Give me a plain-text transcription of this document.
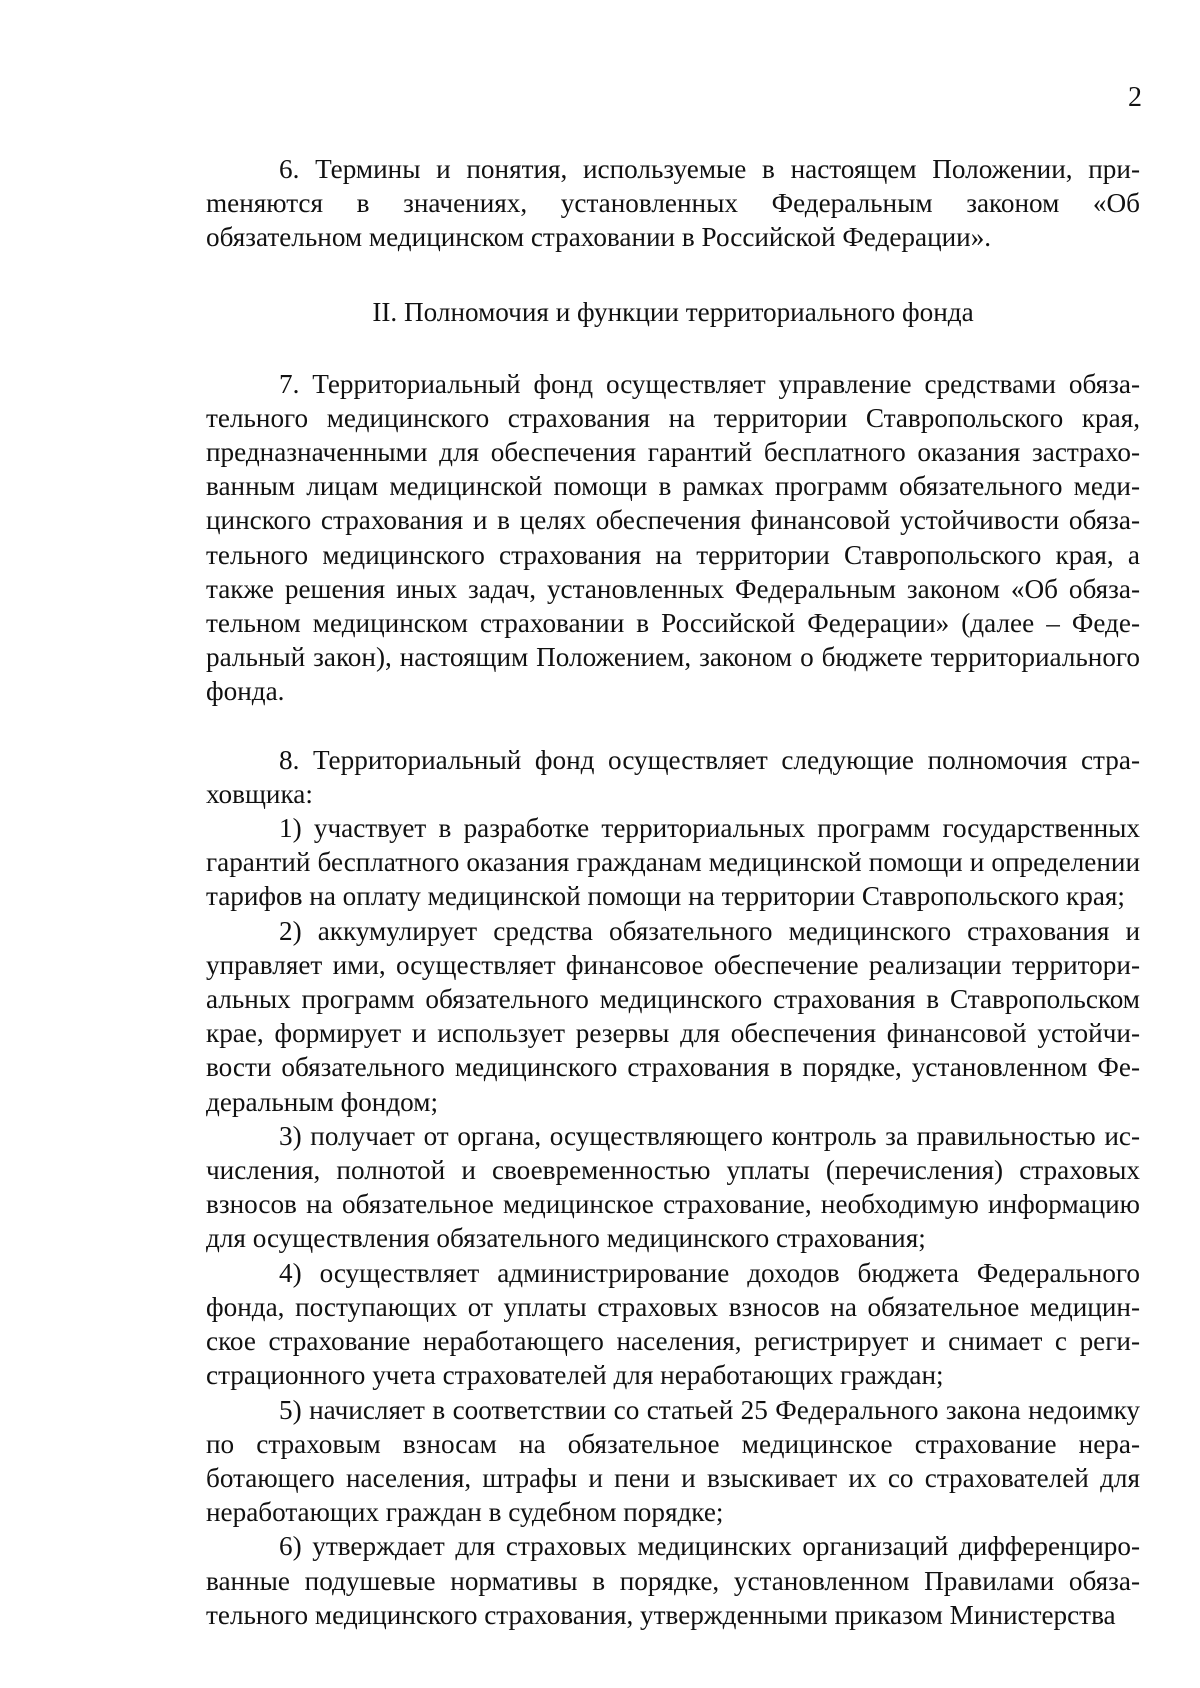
2

6. Термины и понятия, используемые в настоящем Положении, приmeняются в значениях, установленных Федеральным законом «Об обязательном медицинском страховании в Российской Федерации».

II. Полномочия и функции территориального фонда

7. Территориальный фонд осуществляет управление средствами обязательного медицинского страхования на территории Ставропольского края, предназначенными для обеспечения гарантий бесплатного оказания застрахованным лицам медицинской помощи в рамках программ обязательного медицинского страхования и в целях обеспечения финансовой устойчивости обязательного медицинского страхования на территории Ставропольского края, а также решения иных задач, установленных Федеральным законом «Об обязательном медицинском страховании в Российской Федерации» (далее – Федеральный закон), настоящим Положением, законом о бюджете территориального фонда.

8. Территориальный фонд осуществляет следующие полномочия страховщика:

1) участвует в разработке территориальных программ государственных гарантий бесплатного оказания гражданам медицинской помощи и определении тарифов на оплату медицинской помощи на территории Ставропольского края;

2) аккумулирует средства обязательного медицинского страхования и управляет ими, осуществляет финансовое обеспечение реализации территориальных программ обязательного медицинского страхования в Ставропольском крае, формирует и использует резервы для обеспечения финансовой устойчивости обязательного медицинского страхования в порядке, установленном Федеральным фондом;

3) получает от органа, осуществляющего контроль за правильностью исчисления, полнотой и своевременностью уплаты (перечисления) страховых взносов на обязательное медицинское страхование, необходимую информацию для осуществления обязательного медицинского страхования;

4) осуществляет администрирование доходов бюджета Федерального фонда, поступающих от уплаты страховых взносов на обязательное медицинское страхование неработающего населения, регистрирует и снимает с регистрационного учета страхователей для неработающих граждан;

5) начисляет в соответствии со статьей 25 Федерального закона недоимку по страховым взносам на обязательное медицинское страхование неработающего населения, штрафы и пени и взыскивает их со страхователей для неработающих граждан в судебном порядке;

6) утверждает для страховых медицинских организаций дифференцированные подушевые нормативы в порядке, установленном Правилами обязательного медицинского страхования, утвержденными приказом Министерства
